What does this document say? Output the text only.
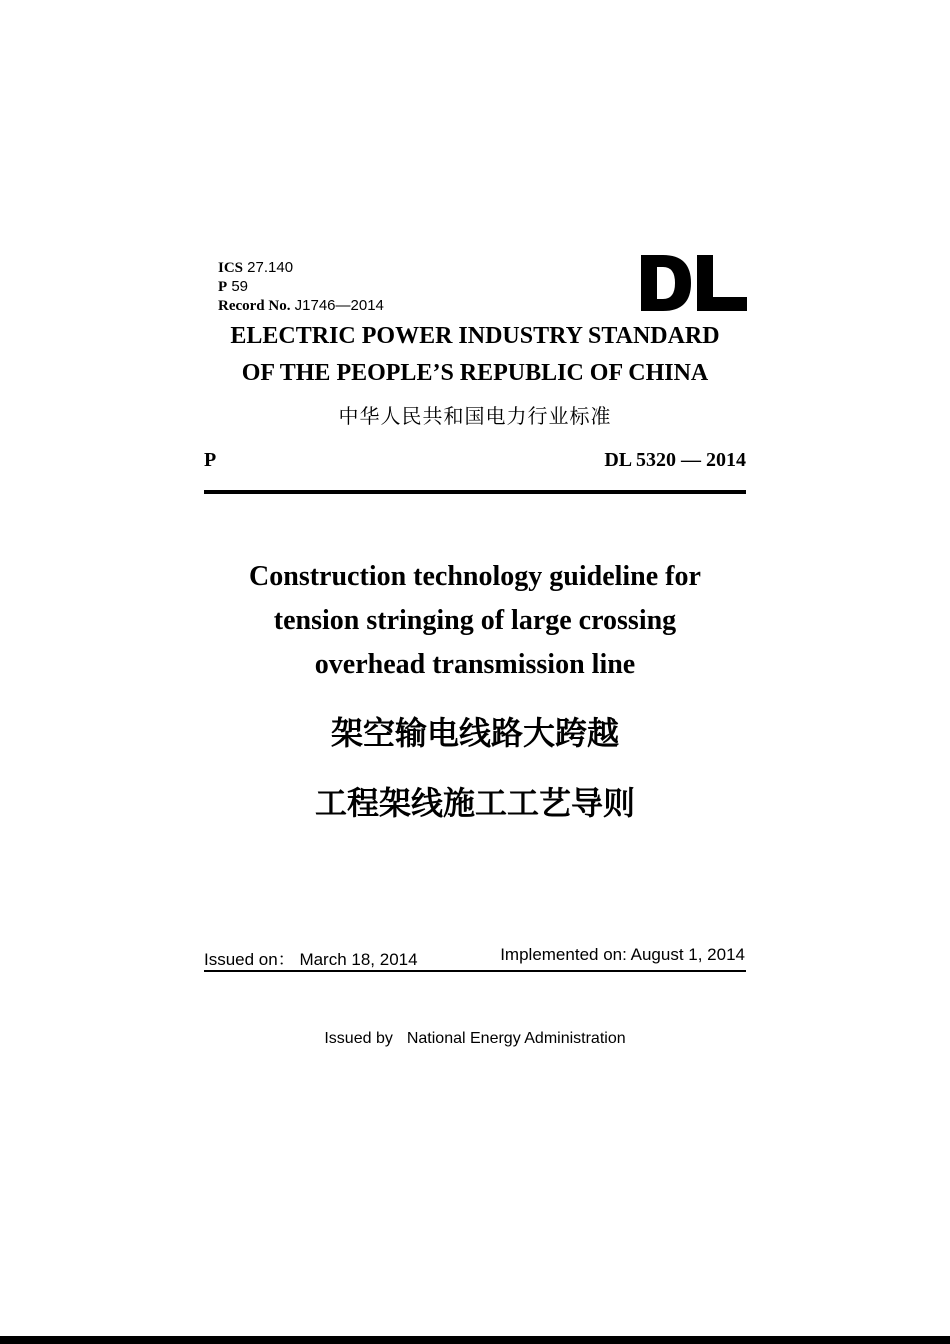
ICS 27.140
P 59
Record No. J1746—2014
ELECTRIC POWER INDUSTRY STANDARD
OF THE PEOPLE’S REPUBLIC OF CHINA
中华人民共和国电力行业标准
P	DL 5320 — 2014
Construction technology guideline for
tension stringing of large crossing
overhead transmission line
架空输电线路大跨越
工程架线施工工艺导则
Issued on： March 18, 2014	Implemented on: August 1, 2014
Issued by National Energy Administration
